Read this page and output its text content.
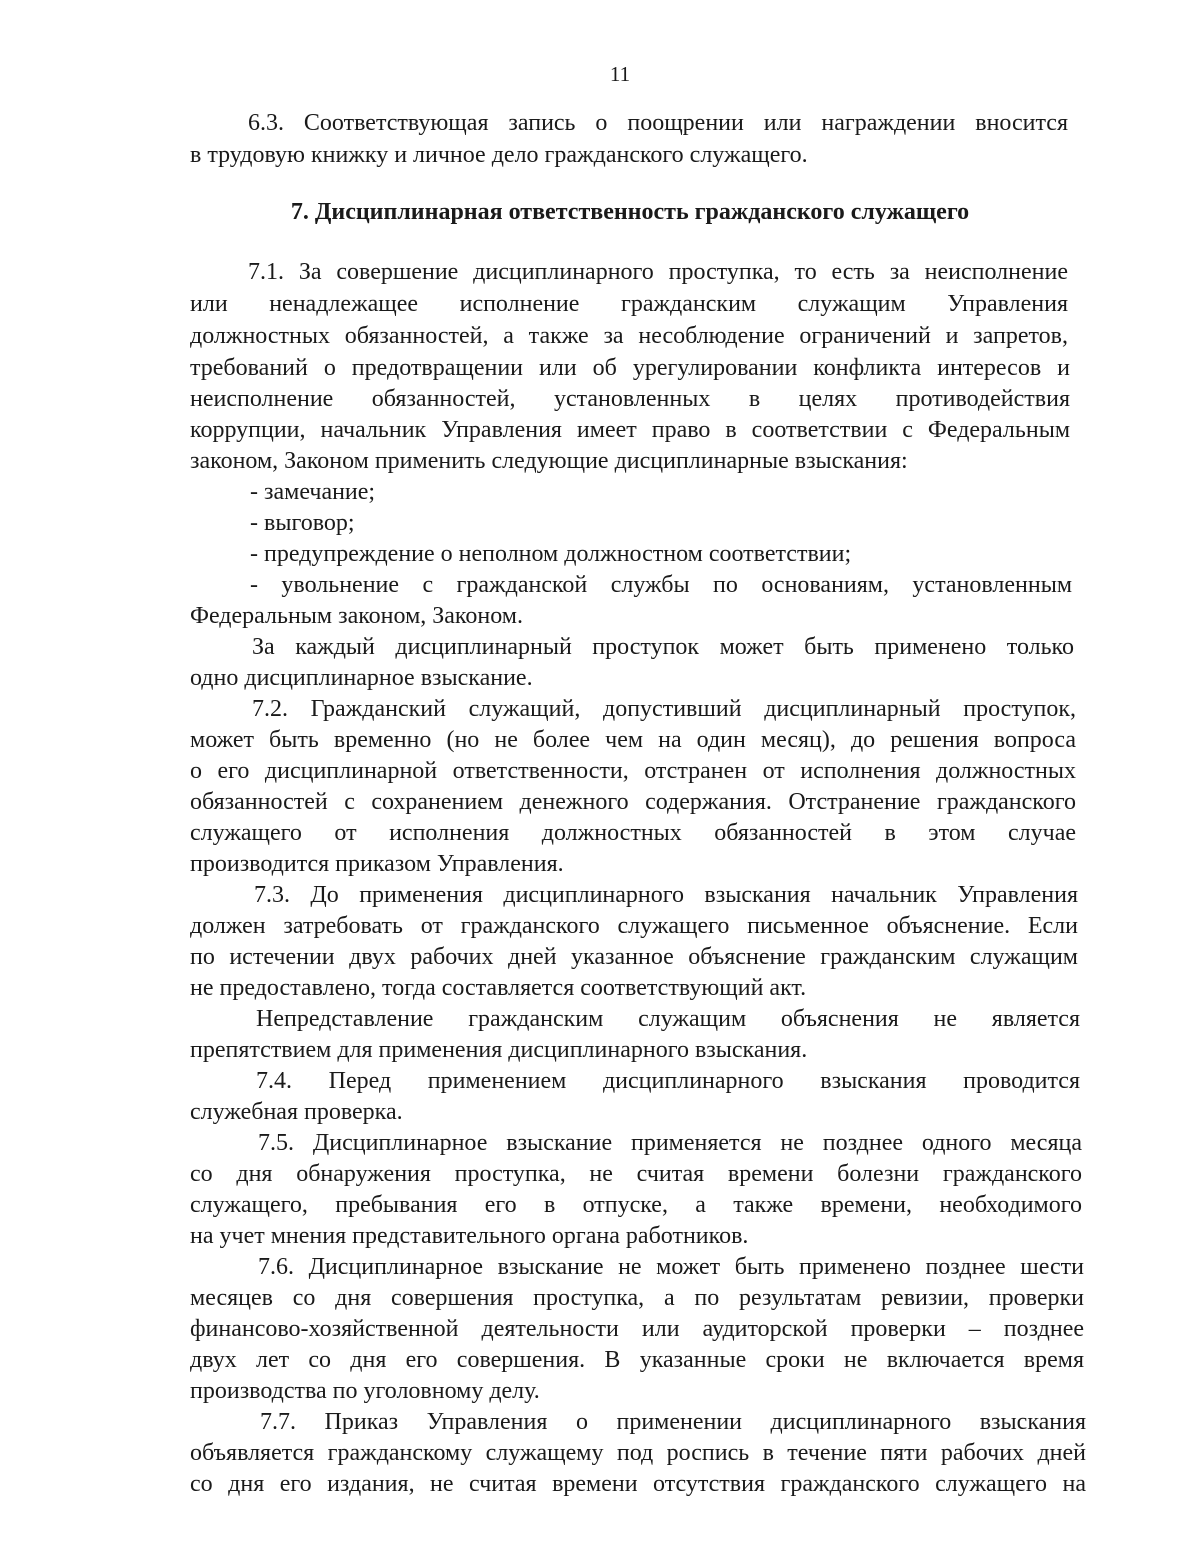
11
6.3. Соответствующая запись о поощрении или награждении вносится
в трудовую книжку и личное дело гражданского служащего.
7. Дисциплинарная ответственность гражданского служащего
7.1. За совершение дисциплинарного проступка, то есть за неисполнение
или ненадлежащее исполнение гражданским служащим Управления
должностных обязанностей, а также за несоблюдение ограничений и запретов,
требований о предотвращении или об урегулировании конфликта интересов и
неисполнение обязанностей, установленных в целях противодействия
коррупции, начальник Управления имеет право в соответствии с Федеральным
законом, Законом применить следующие дисциплинарные взыскания:
- замечание;
- выговор;
- предупреждение о неполном должностном соответствии;
- увольнение с гражданской службы по основаниям, установленным
Федеральным законом, Законом.
За каждый дисциплинарный проступок может быть применено только
одно дисциплинарное взыскание.
7.2. Гражданский служащий, допустивший дисциплинарный проступок,
может быть временно (но не более чем на один месяц), до решения вопроса
о его дисциплинарной ответственности, отстранен от исполнения должностных
обязанностей с сохранением денежного содержания. Отстранение гражданского
служащего от исполнения должностных обязанностей в этом случае
производится приказом Управления.
7.3. До применения дисциплинарного взыскания начальник Управления
должен затребовать от гражданского служащего письменное объяснение. Если
по истечении двух рабочих дней указанное объяснение гражданским служащим
не предоставлено, тогда составляется соответствующий акт.
Непредставление гражданским служащим объяснения не является
препятствием для применения дисциплинарного взыскания.
7.4. Перед применением дисциплинарного взыскания проводится
служебная проверка.
7.5. Дисциплинарное взыскание применяется не позднее одного месяца
со дня обнаружения проступка, не считая времени болезни гражданского
служащего, пребывания его в отпуске, а также времени, необходимого
на учет мнения представительного органа работников.
7.6. Дисциплинарное взыскание не может быть применено позднее шести
месяцев со дня совершения проступка, а по результатам ревизии, проверки
финансово-хозяйственной деятельности или аудиторской проверки – позднее
двух лет со дня его совершения. В указанные сроки не включается время
производства по уголовному делу.
7.7. Приказ Управления о применении дисциплинарного взыскания
объявляется гражданскому служащему под роспись в течение пяти рабочих дней
со дня его издания, не считая времени отсутствия гражданского служащего на
